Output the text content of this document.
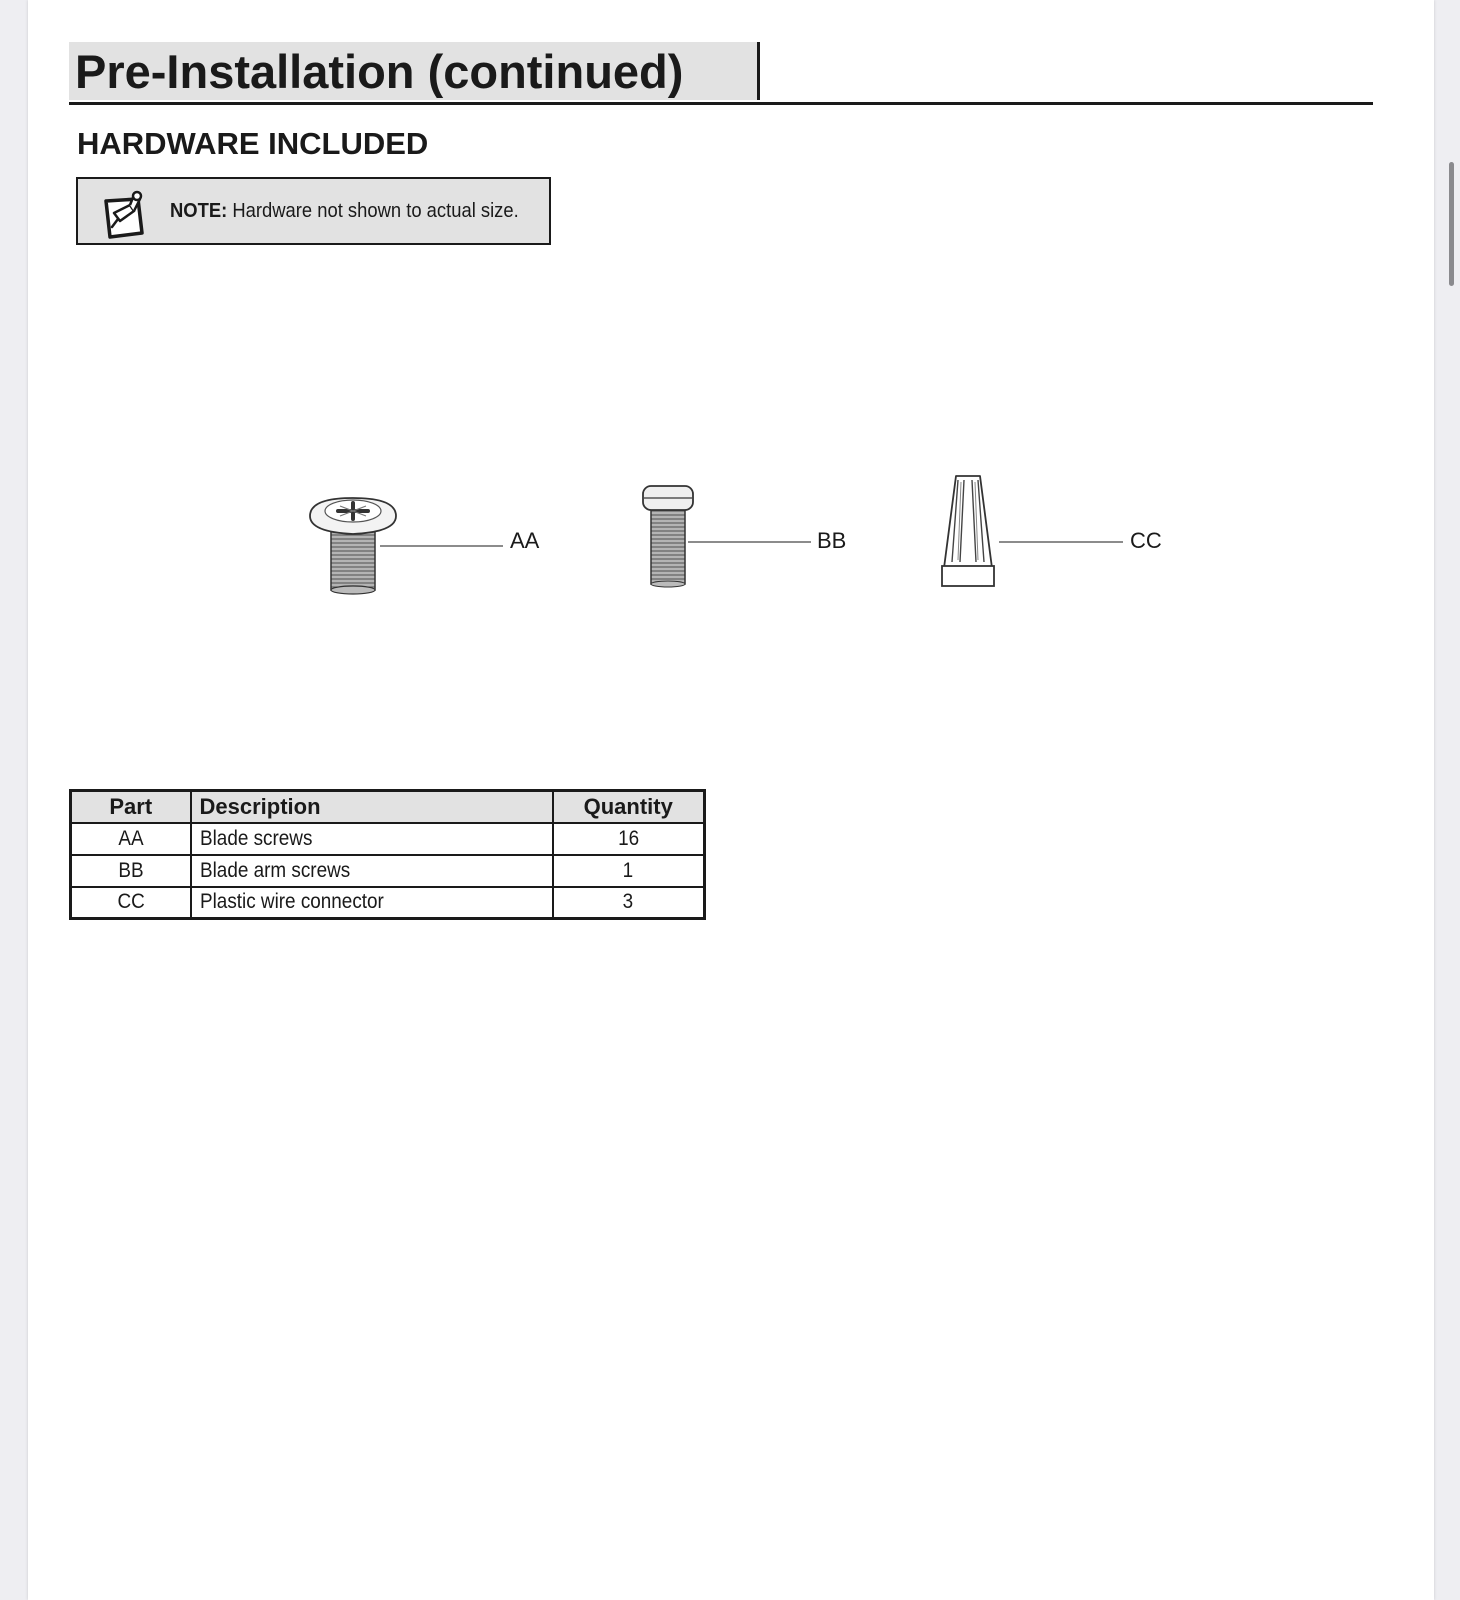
Pre-Installation (continued)
HARDWARE INCLUDED
NOTE: Hardware not shown to actual size.
AA	BB	CC
Part	Description	Quantity
AA	Blade screws	16
BB	Blade arm screws	1
CC	Plastic wire connector	3
